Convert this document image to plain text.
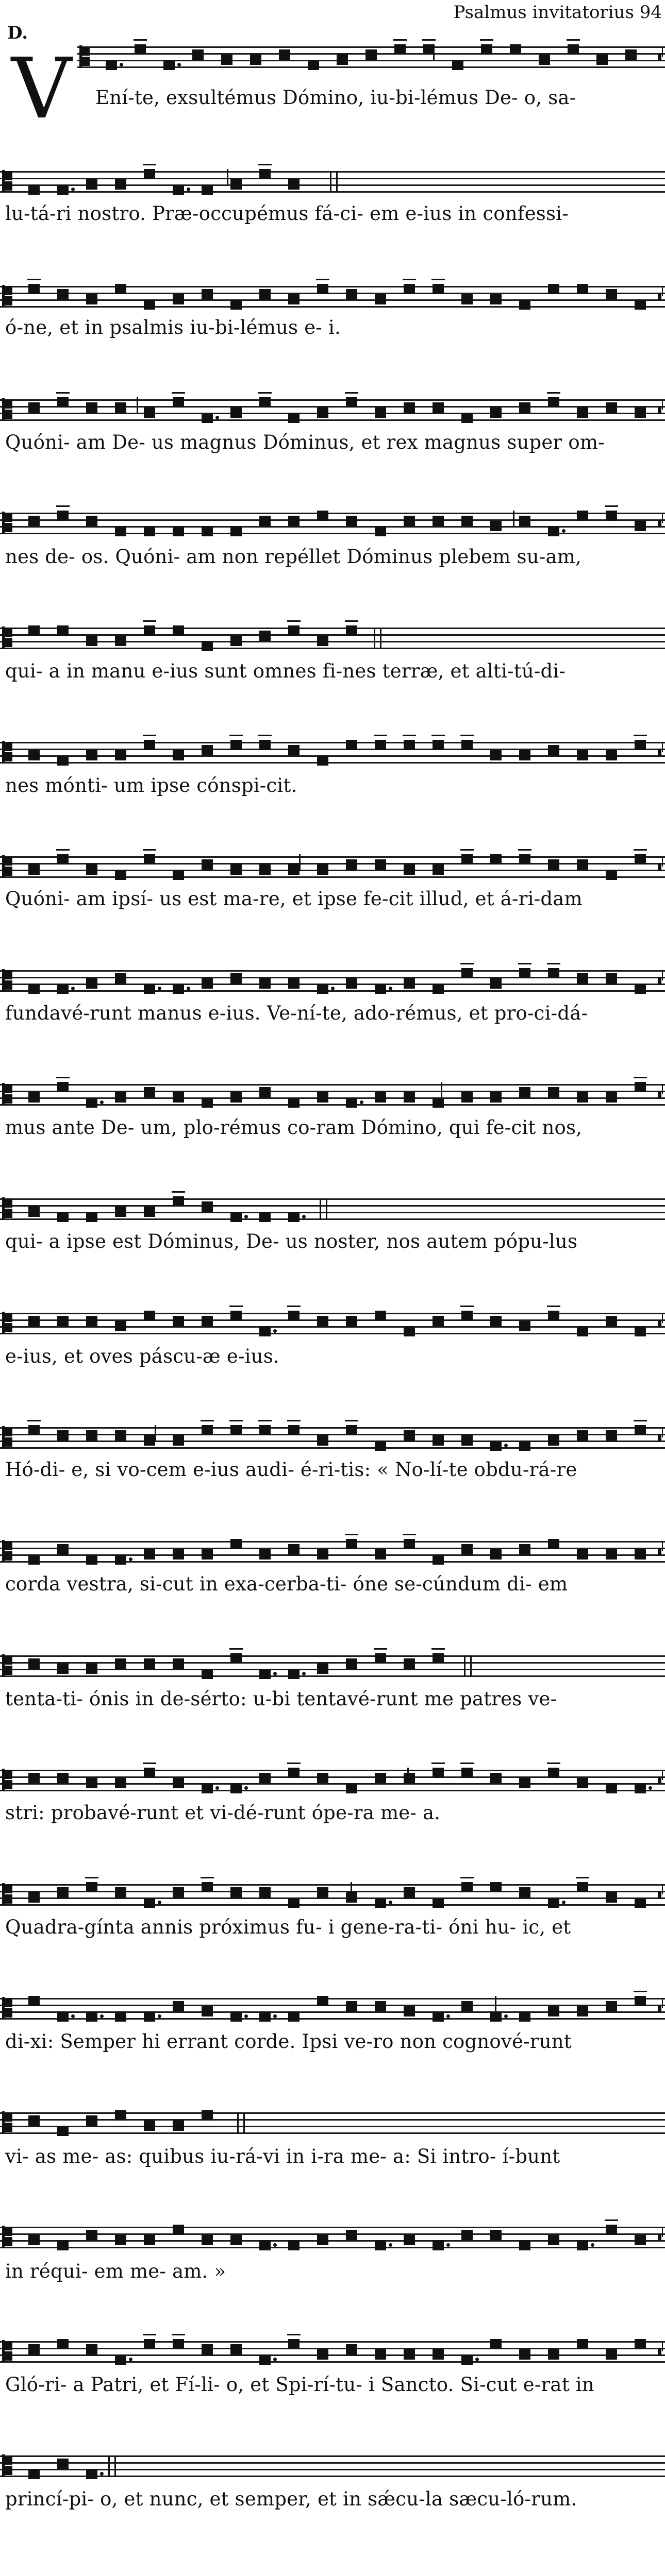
Psalmus invitatorius 94
D.
V Ení-te, exsultémus Dómino, iu-bi-lémus De- o, sa-
lu-tá-ri nostro. Præ-occupémus fá-ci- em e-ius in confessi-
ó-ne, et in psalmis iu-bi-lémus e- i.
Quóni- am De- us magnus Dóminus, et rex magnus super om-
nes de- os. Quóni- am non repéllet Dóminus plebem su-am,
qui- a in manu e-ius sunt omnes fi-nes terræ, et alti-tú-di-
nes mónti- um ipse cónspi-cit.
Quóni- am ipsí- us est ma-re, et ipse fe-cit illud, et á-ri-dam
fundavé-runt manus e-ius. Ve-ní-te, ado-rémus, et pro-ci-dá-
mus ante De- um, plo-rémus co-ram Dómino, qui fe-cit nos,
qui- a ipse est Dóminus, De- us noster, nos autem pópu-lus
e-ius, et oves páscu-æ e-ius.
Hó-di- e, si vo-cem e-ius audi- é-ri-tis: « No-lí-te obdu-rá-re
corda vestra, si-cut in exa-cerba-ti- óne se-cúndum di- em
tenta-ti- ónis in de-sérto: u-bi tentavé-runt me patres ve-
stri: probavé-runt et vi-dé-runt ópe-ra me- a.
Quadra-gínta annis próximus fu- i gene-ra-ti- óni hu- ic, et
di-xi: Semper hi errant corde. Ipsi ve-ro non cognové-runt
vi- as me- as: quibus iu-rá-vi in i-ra me- a: Si intro- í-bunt
in réqui- em me- am. »
Gló-ri- a Patri, et Fí-li- o, et Spi-rí-tu- i Sancto. Si-cut e-rat in
princí-pi- o, et nunc, et semper, et in sǽcu-la sæcu-ló-rum.
